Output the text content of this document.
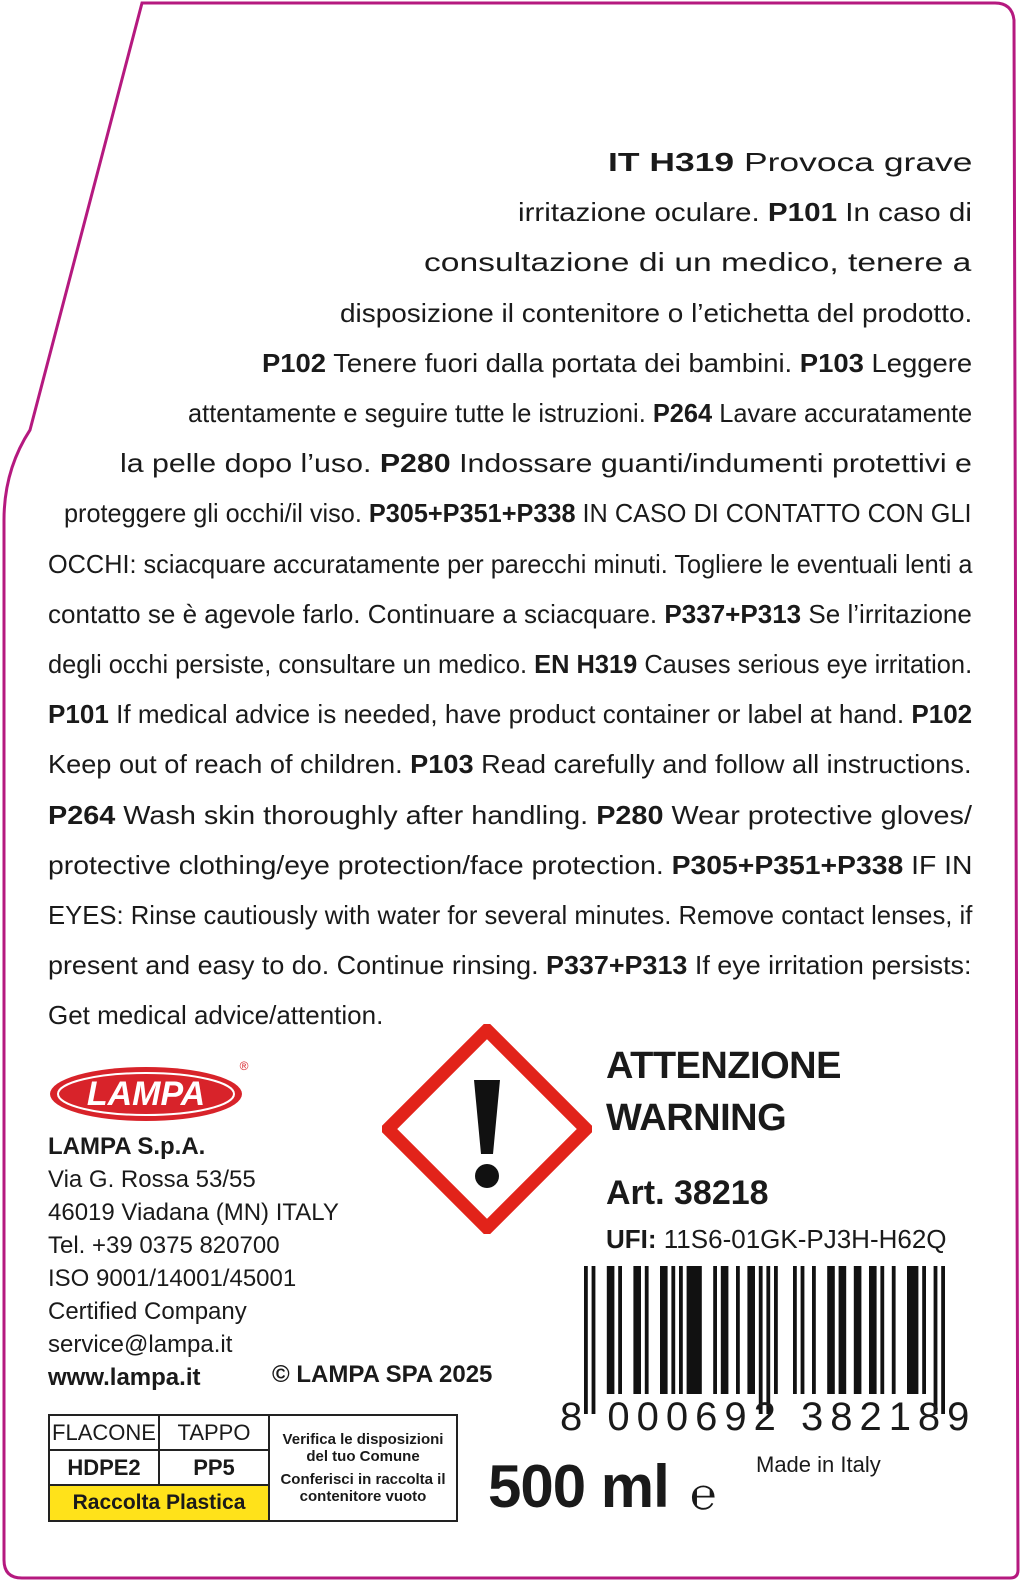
IT H319 Provoca grave
irritazione oculare. P101 In caso di
consultazione di un medico, tenere a
disposizione il contenitore o l’etichetta del prodotto.
P102 Tenere fuori dalla portata dei bambini. P103 Leggere
attentamente e seguire tutte le istruzioni. P264 Lavare accuratamente
la pelle dopo l’uso. P280 Indossare guanti/indumenti protettivi e
proteggere gli occhi/il viso. P305+P351+P338 IN CASO DI CONTATTO CON GLI
OCCHI: sciacquare accuratamente per parecchi minuti. Togliere le eventuali lenti a
contatto se è agevole farlo. Continuare a sciacquare. P337+P313 Se l’irritazione
degli occhi persiste, consultare un medico. EN H319 Causes serious eye irritation.
P101 If medical advice is needed, have product container or label at hand. P102
Keep out of reach of children. P103 Read carefully and follow all instructions.
P264 Wash skin thoroughly after handling. P280 Wear protective gloves/
protective clothing/eye protection/face protection. P305+P351+P338 IF IN
EYES: Rinse cautiously with water for several minutes. Remove contact lenses, if
present and easy to do. Continue rinsing. P337+P313 If eye irritation persists:
Get medical advice/attention.
LAMPA
®
LAMPA S.p.A.
Via G. Rossa 53/55
46019 Viadana (MN) ITALY
Tel. +39 0375 820700
ISO 9001/14001/45001
Certified Company
service@lampa.it
www.lampa.it	© LAMPA SPA 2025
ATTENZIONE
WARNING
Art. 38218
UFI: 11S6-01GK-PJ3H-H62Q
8 000692 382189
FLACONE TAPPO
HDPE2	PP5
Raccolta Plastica
Verifica le disposizioni
del tuo Comune
Conferisci in raccolta il
contenitore vuoto 500 ml ℮
Made in Italy
